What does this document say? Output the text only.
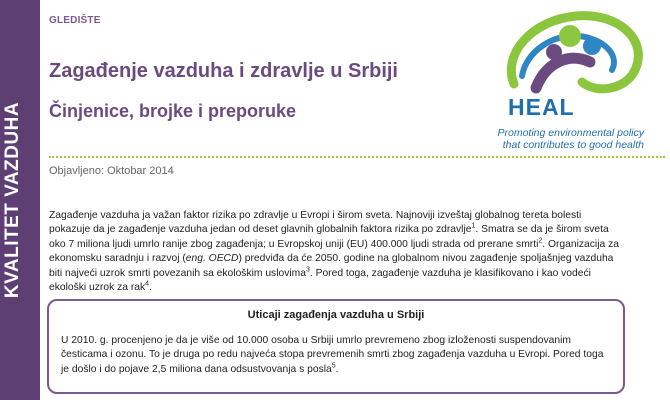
KVALITET VAZDUHA
GLEDIŠTE
Zagađenje vazduha i zdravlje u Srbiji
Činjenice, brojke i preporuke	HEAL
Promoting environmental policy
that contributes to good health
Objavljeno: Oktobar 2014
Zagađenje vazduha ja važan faktor rizika po zdravlje u Evropi i širom sveta. Najnoviji izveštaj globalnog tereta bolesti
pokazuje da je zagađenje vazduha jedan od deset glavnih globalnih faktora rizika po zdravlje$^1$. Smatra se da je širom sveta
oko 7 miliona ljudi umrlo ranije zbog zagađenja; u Evropskoj uniji (EU) 400.000 ljudi strada od prerane smrti$^2$. Organizacija za
ekonomsku saradnju i razvoj (eng. OECD) predviđa da će 2050. godine na globalnom nivou zagađenje spoljašnjeg vazduha
biti najveći uzrok smrti povezanih sa ekološkim uslovima$^3$. Pored toga, zagađenje vazduha je klasifikovano i kao vodeći
ekološki uzrok za rak$^4$.
Uticaji zagađenja vazduha u Srbiji
U 2010. g. procenjeno je da je više od 10.000 osoba u Srbiji umrlo prevremeno zbog izloženosti suspendovanim
česticama i ozonu. To je druga po redu najveća stopa prevremenih smrti zbog zagađenja vazduha u Evropi. Pored toga
je došlo i do pojave 2,5 miliona dana odsustvovanja s posla$^5$.
